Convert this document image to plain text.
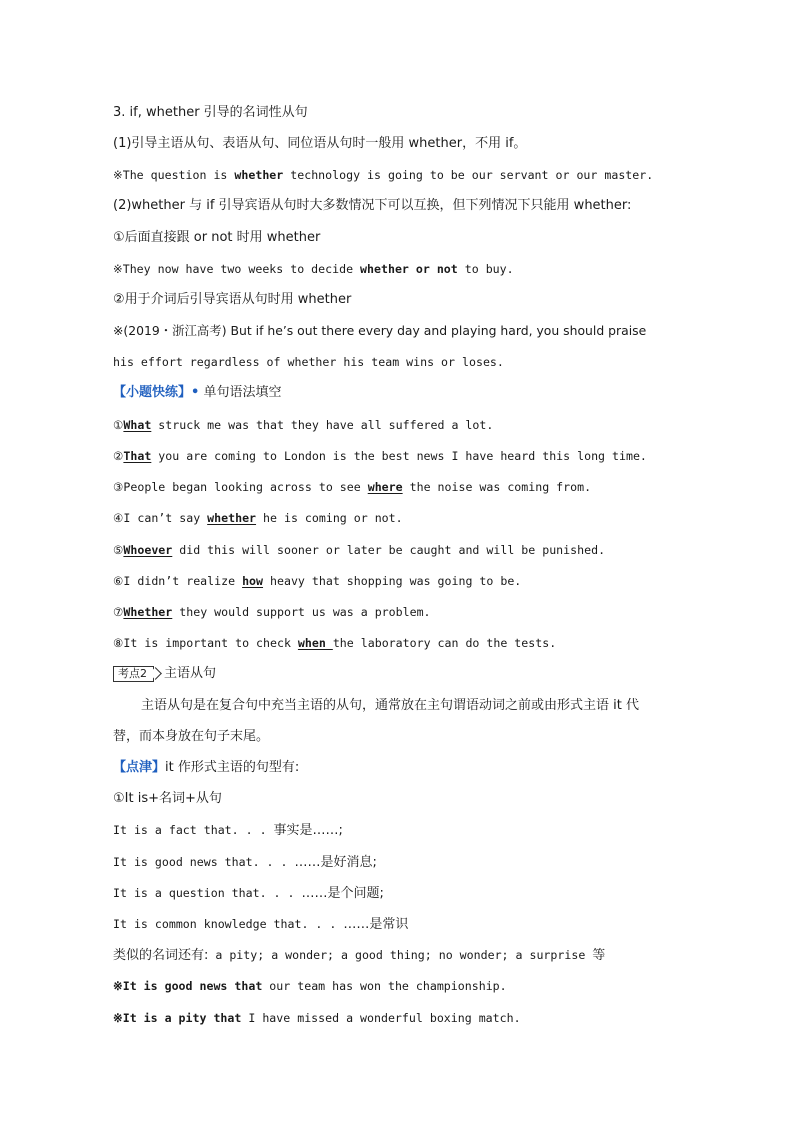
3. if, whether 引导的名词性从句
(1)引导主语从句、表语从句、同位语从句时一般用 whether，不用 if。
※The question is whether technology is going to be our servant or our master.
(2)whether 与 if 引导宾语从句时大多数情况下可以互换，但下列情况下只能用 whether:
①后面直接跟 or not 时用 whether
※They now have two weeks to decide whether or not to buy.
②用于介词后引导宾语从句时用 whether
※(2019・浙江高考) But if he’s out there every day and playing hard, you should praise
his effort regardless of whether his team wins or loses.
【小题快练】• 单句语法填空
①What struck me was that they have all suffered a lot.
②That you are coming to London is the best news I have heard this long time.
③People began looking across to see where the noise was coming from.
④I can’t say whether he is coming or not.
⑤Whoever did this will sooner or later be caught and will be punished.
⑥I didn’t realize how heavy that shopping was going to be.
⑦Whether they would support us was a problem.
⑧It is important to check when the laboratory can do the tests.
考点2 主语从句
主语从句是在复合句中充当主语的从句，通常放在主句谓语动词之前或由形式主语 it 代
替，而本身放在句子末尾。
【点津】it 作形式主语的句型有:
①It is+名词+从句
It is a fact that. . . 事实是……;
It is good news that. . . ……是好消息;
It is a question that. . . ……是个问题;
It is common knowledge that. . . ……是常识
类似的名词还有: a pity; a wonder; a good thing; no wonder; a surprise 等
※It is good news that our team has won the championship.
※It is a pity that I have missed a wonderful boxing match.
